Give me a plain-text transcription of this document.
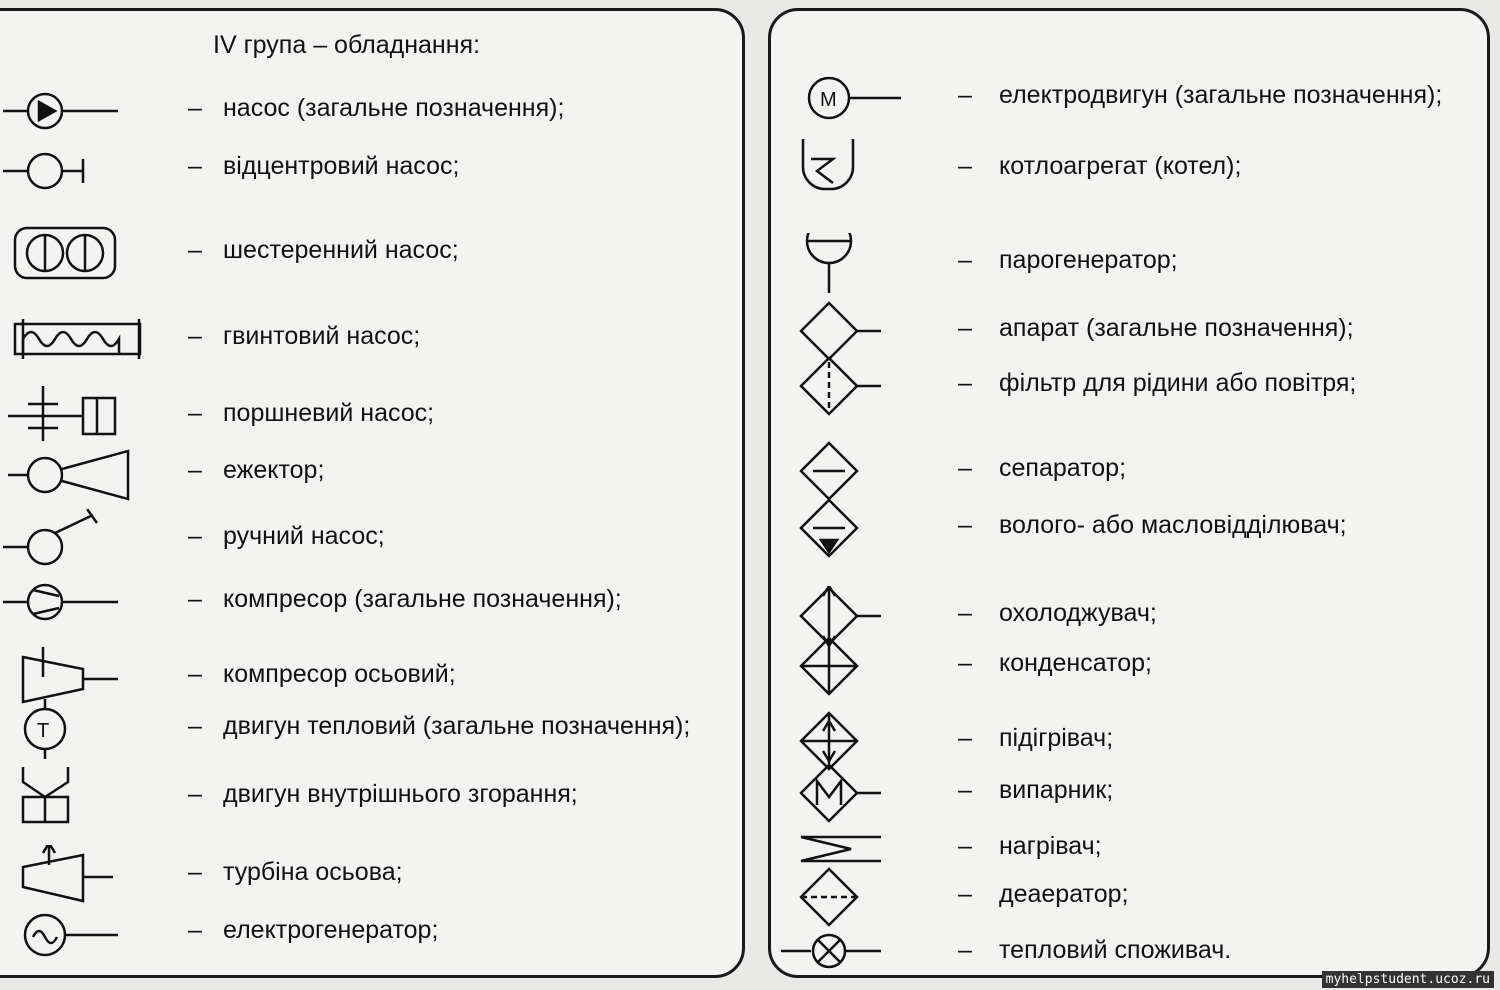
IV група – обладнання:
– насос (загальне позначення);
– відцентровий насос;
– шестеренний насос;
– гвинтовий насос;
– поршневий насос;
– ежектор;
– ручний насос;
– компресор (загальне позначення);
– компресор осьовий;
T	– двигун тепловий (загальне позначення);
– двигун внутрішнього згорання;
– турбіна осьова;
– електрогенератор;
M	– електродвигун (загальне позначення);
– котлоагрегат (котел);
– парогенератор;
– апарат (загальне позначення);
– фільтр для рідини або повітря;
– сепаратор;
– волого- або масловідділювач;
– охолоджувач;
– конденсатор;
– підігрівач;
– випарник;
– нагрівач;
– деаератор;
– тепловий споживач.
myhelpstudent.ucoz.ru
